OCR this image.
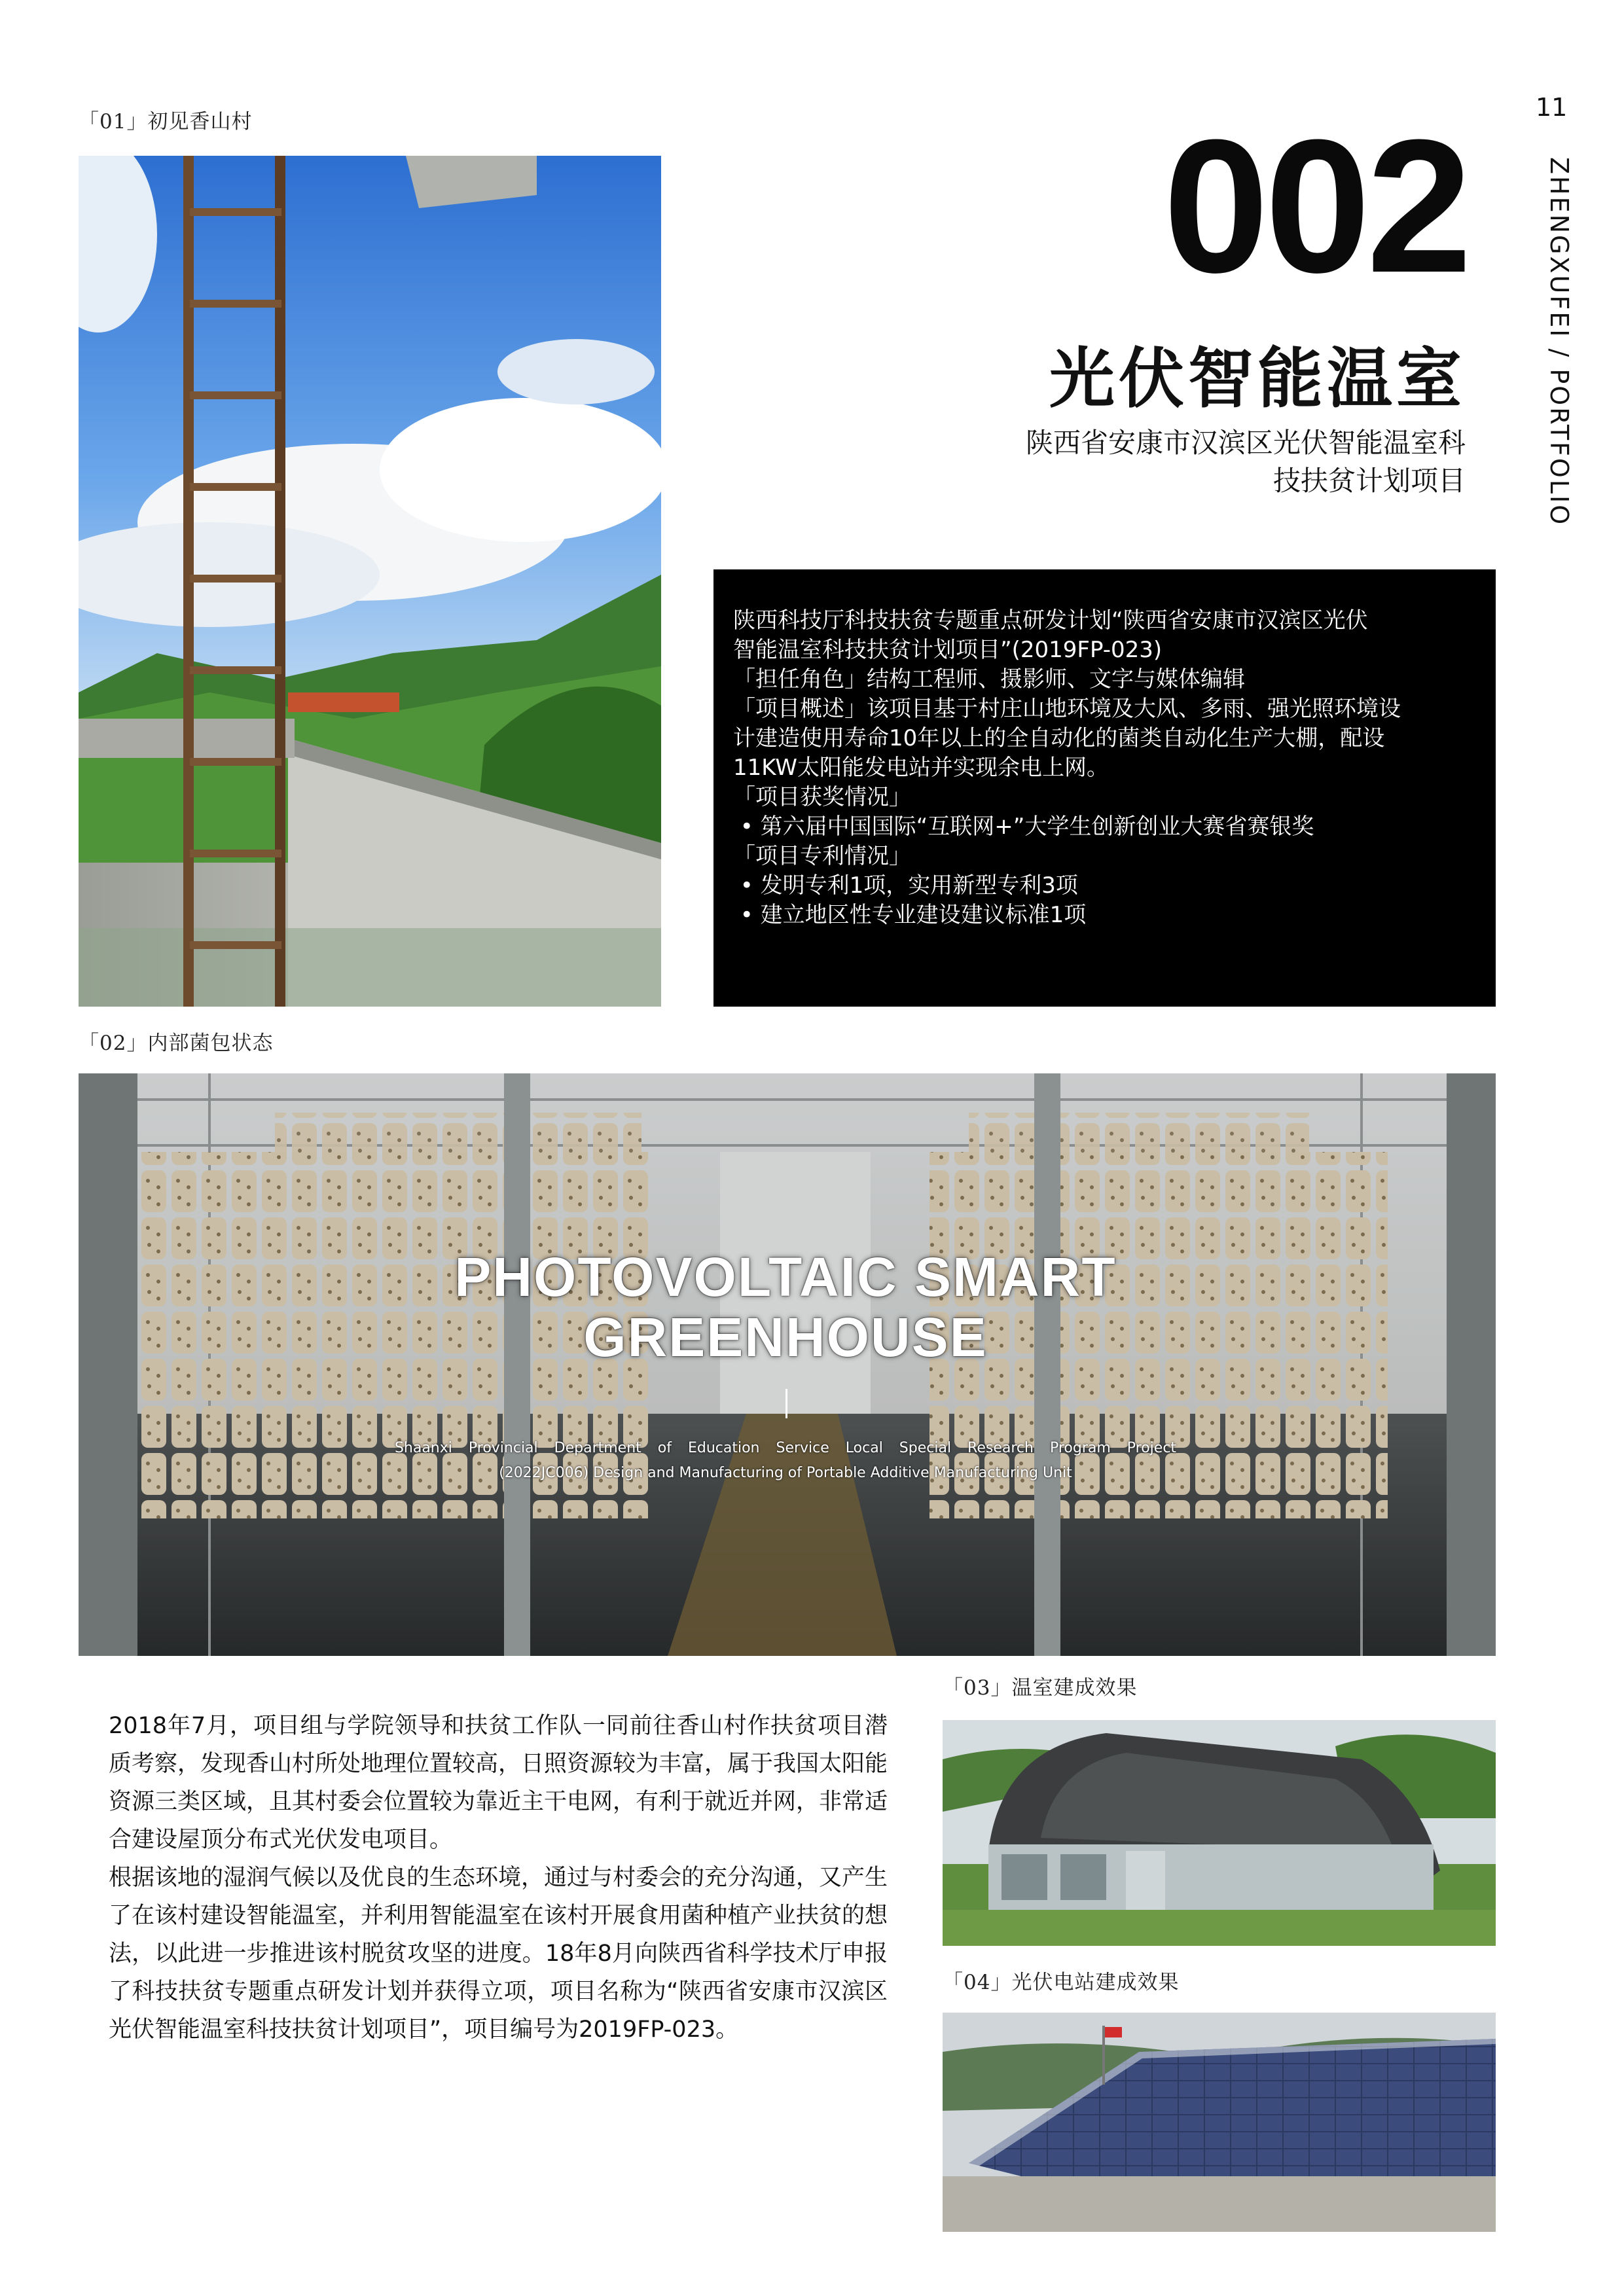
11
ZHENGXUFEI / PORTFOLIO
002
光伏智能温室
陕西省安康市汉滨区光伏智能温室科
技扶贫计划项目
「01」初见香山村
陕西科技厅科技扶贫专题重点研发计划“陕西省安康市汉滨区光伏
智能温室科技扶贫计划项目”(2019FP-023)
「担任角色」结构工程师、摄影师、文字与媒体编辑
「项目概述」该项目基于村庄山地环境及大风、多雨、强光照环境设
计建造使用寿命10年以上的全自动化的菌类自动化生产大棚，配设
11KW太阳能发电站并实现余电上网。
「项目获奖情况」
• 第六届中国国际“互联网+”大学生创新创业大赛省赛银奖
「项目专利情况」
• 发明专利1项，实用新型专利3项
• 建立地区性专业建设建议标准1项
「02」内部菌包状态
PHOTOVOLTAIC SMART
GREENHOUSE
Shaanxi Provincial Department of Education Service Local Special Research Program Project
(2022JC006) Design and Manufacturing of Portable Additive Manufacturing Unit

2018年7月，项目组与学院领导和扶贫工作队一同前往香山村作扶贫项目潜质考察，发现香山村所处地理位置较高，日照资源较为丰富，属于我国太阳能资源三类区域，且其村委会位置较为靠近主干电网，有利于就近并网，非常适合建设屋顶分布式光伏发电项目。

根据该地的湿润气候以及优良的生态环境，通过与村委会的充分沟通，又产生了在该村建设智能温室，并利用智能温室在该村开展食用菌种植产业扶贫的想法，以此进一步推进该村脱贫攻坚的进度。18年8月向陕西省科学技术厅申报了科技扶贫专题重点研发计划并获得立项，项目名称为“陕西省安康市汉滨区光伏智能温室科技扶贫计划项目”，项目编号为2019FP-023。

「03」温室建成效果
「04」光伏电站建成效果
